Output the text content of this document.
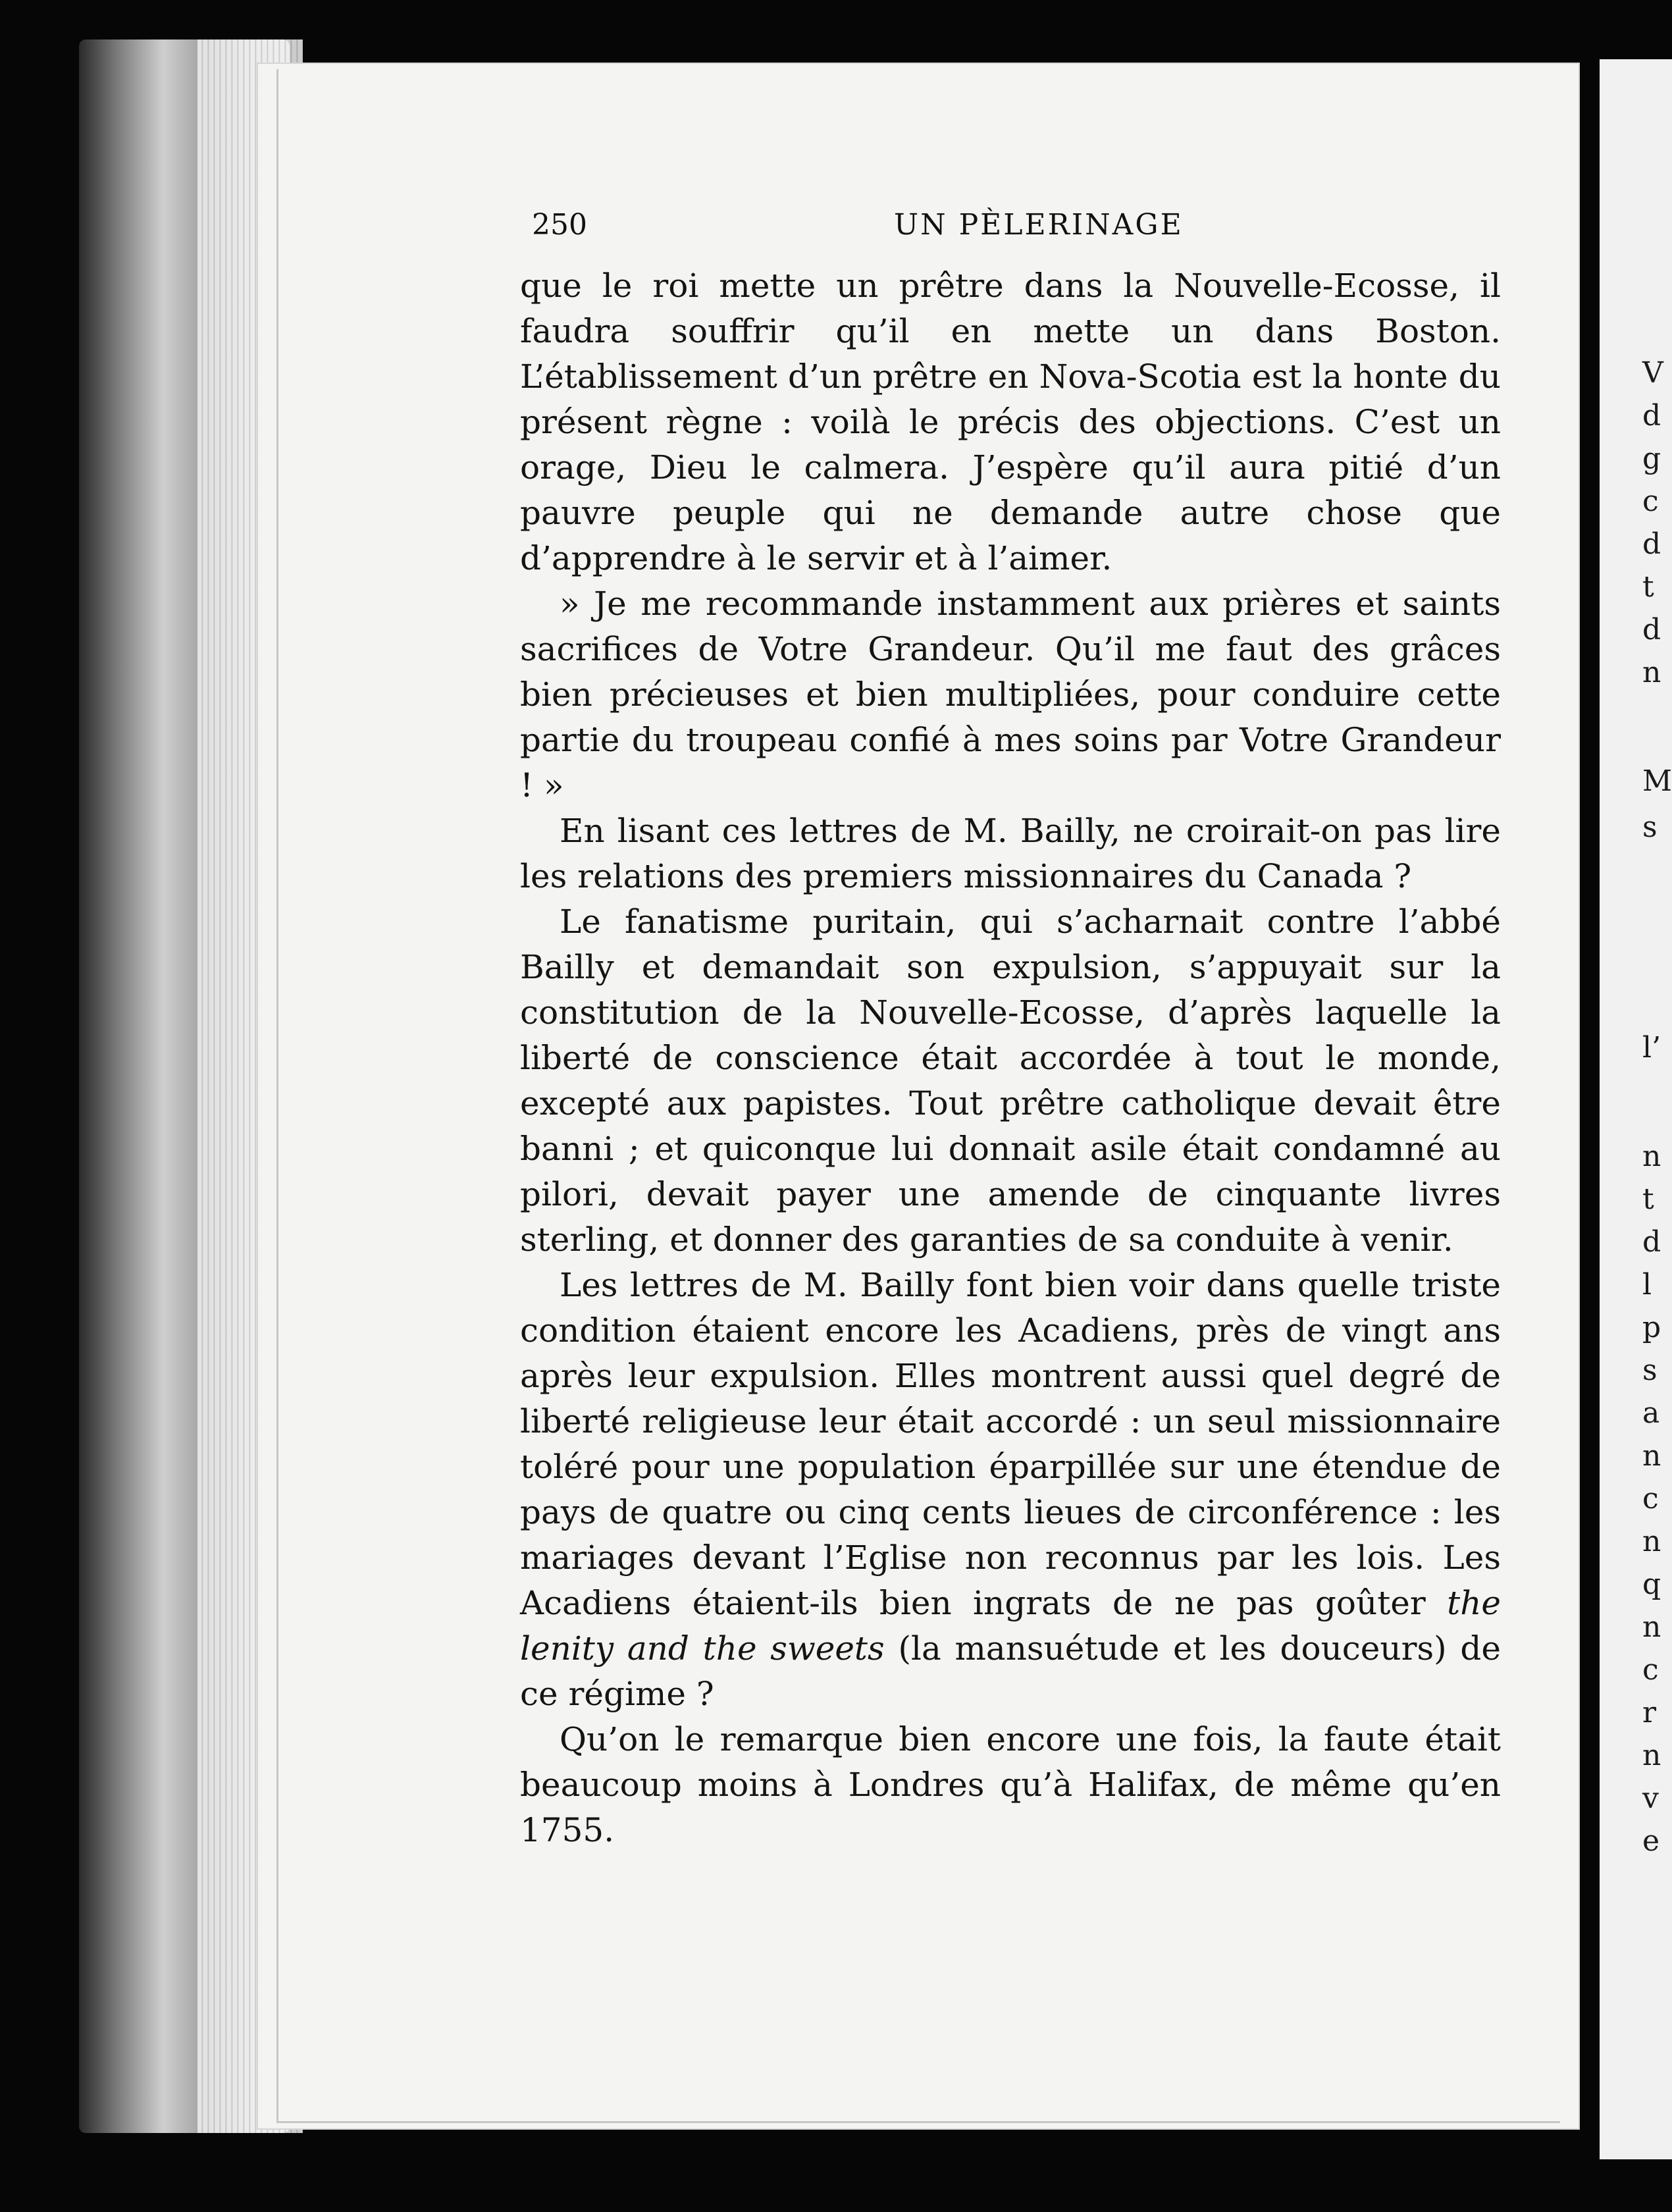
250	UN PÈLERINAGE

que le roi mette un prêtre dans la Nouvelle-Ecosse, il faudra souffrir qu’il en mette un dans Boston. L’établissement d’un prêtre en Nova-Scotia est la honte du présent règne : voilà le précis des objections. C’est un orage, Dieu le calmera. J’espère qu’il aura pitié d’un pauvre peuple qui ne demande autre chose que d’apprendre à le servir et à l’aimer.

» Je me recommande instamment aux prières et saints sacrifices de Votre Grandeur. Qu’il me faut des grâces bien précieuses et bien multipliées, pour conduire cette partie du troupeau confié à mes soins par Votre Grandeur ! »

En lisant ces lettres de M. Bailly, ne croirait-on pas lire les relations des premiers missionnaires du Canada ?

Le fanatisme puritain, qui s’acharnait contre l’abbé Bailly et demandait son expulsion, s’appuyait sur la constitution de la Nouvelle-Ecosse, d’après laquelle la liberté de conscience était accordée à tout le monde, excepté aux papistes. Tout prêtre catholique devait être banni ; et quiconque lui donnait asile était condamné au pilori, devait payer une amende de cinquante livres sterling, et donner des garanties de sa conduite à venir.

Les lettres de M. Bailly font bien voir dans quelle triste condition étaient encore les Acadiens, près de vingt ans après leur expulsion. Elles montrent aussi quel degré de liberté religieuse leur était accordé : un seul missionnaire toléré pour une population éparpillée sur une étendue de pays de quatre ou cinq cents lieues de circonférence : les mariages devant l’Eglise non reconnus par les lois. Les Acadiens étaient-ils bien ingrats de ne pas goûter the lenity and the sweets (la mansuétude et les douceurs) de ce régime ?

Qu’on le remarque bien encore une fois, la faute était beaucoup moins à Londres qu’à Halifax, de même qu’en 1755.

V
d
g
c
d
t
d
n
M
s
l’
n
t
d
l
p
s
a
n
c
n
q
n
c
r
n
v
e
